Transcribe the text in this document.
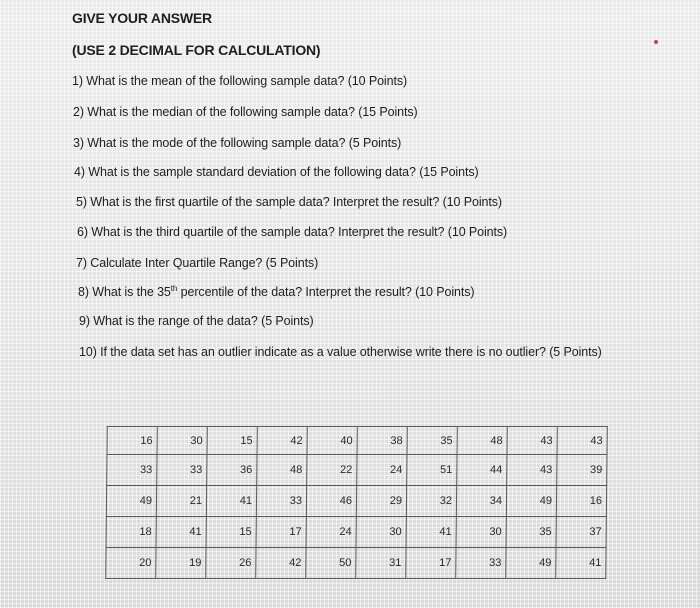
GIVE YOUR ANSWER
(USE 2 DECIMAL FOR CALCULATION)
1) What is the mean of the following sample data? (10 Points)
2) What is the median of the following sample data? (15 Points)
3) What is the mode of the following sample data? (5 Points)
4) What is the sample standard deviation of the following data? (15 Points)
5) What is the first quartile of the sample data? Interpret the result? (10 Points)
6) What is the third quartile of the sample data? Interpret the result? (10 Points)
7) Calculate Inter Quartile Range? (5 Points)
8) What is the 35th percentile of the data? Interpret the result? (10 Points)
9) What is the range of the data? (5 Points)
10) If the data set has an outlier indicate as a value otherwise write there is no outlier? (5 Points)
16	30	15	42	40	38	35	48	43	43
33	33	36	48	22	24	51	44	43	39
49	21	41	33	46	29	32	34	49	16
18	41	15	17	24	30	41	30	35	37
20	19	26	42	50	31	17	33	49	41
